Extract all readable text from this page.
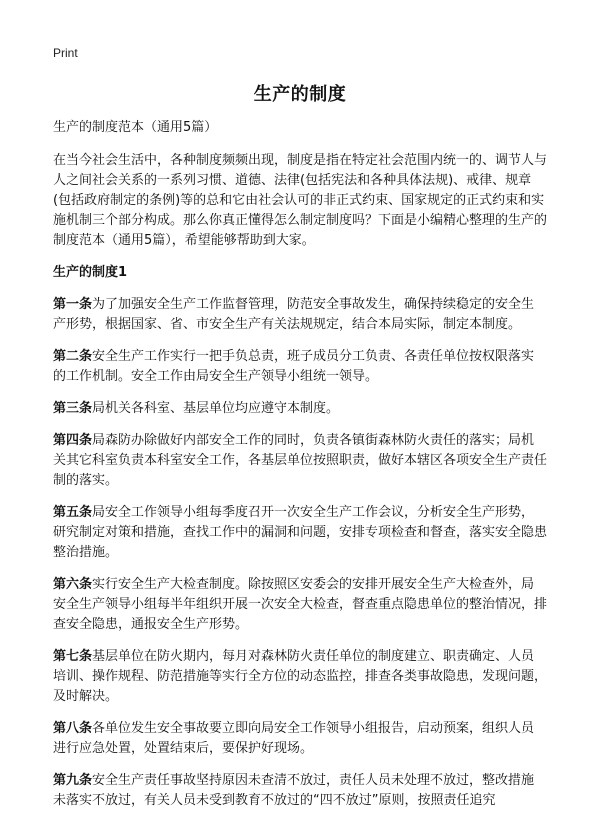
Print
生产的制度

生产的制度范本（通用5篇）

在当今社会生活中，各种制度频频出现，制度是指在特定社会范围内统一的、调节人与人之间社会关系的一系列习惯、道德、法律(包括宪法和各种具体法规)、戒律、规章(包括政府制定的条例)等的总和它由社会认可的非正式约束、国家规定的正式约束和实施机制三个部分构成。那么你真正懂得怎么制定制度吗？下面是小编精心整理的生产的制度范本（通用5篇），希望能够帮助到大家。

生产的制度1

第一条为了加强安全生产工作监督管理，防范安全事故发生，确保持续稳定的安全生产形势，根据国家、省、市安全生产有关法规规定，结合本局实际，制定本制度。

第二条安全生产工作实行一把手负总责，班子成员分工负责、各责任单位按权限落实的工作机制。安全工作由局安全生产领导小组统一领导。

第三条局机关各科室、基层单位均应遵守本制度。

第四条局森防办除做好内部安全工作的同时，负责各镇街森林防火责任的落实；局机关其它科室负责本科室安全工作，各基层单位按照职责，做好本辖区各项安全生产责任制的落实。

第五条局安全工作领导小组每季度召开一次安全生产工作会议，分析安全生产形势，研究制定对策和措施，查找工作中的漏洞和问题，安排专项检查和督查，落实安全隐患整治措施。

第六条实行安全生产大检查制度。除按照区安委会的安排开展安全生产大检查外，局安全生产领导小组每半年组织开展一次安全大检查，督查重点隐患单位的整治情况，排查安全隐患，通报安全生产形势。

第七条基层单位在防火期内，每月对森林防火责任单位的制度建立、职责确定、人员培训、操作规程、防范措施等实行全方位的动态监控，排查各类事故隐患，发现问题，及时解决。

第八条各单位发生安全事故要立即向局安全工作领导小组报告，启动预案，组织人员进行应急处置，处置结束后，要保护好现场。

第九条安全生产责任事故坚持原因未查清不放过，责任人员未处理不放过，整改措施未落实不放过，有关人员未受到教育不放过的“四不放过”原则，按照责任追究
